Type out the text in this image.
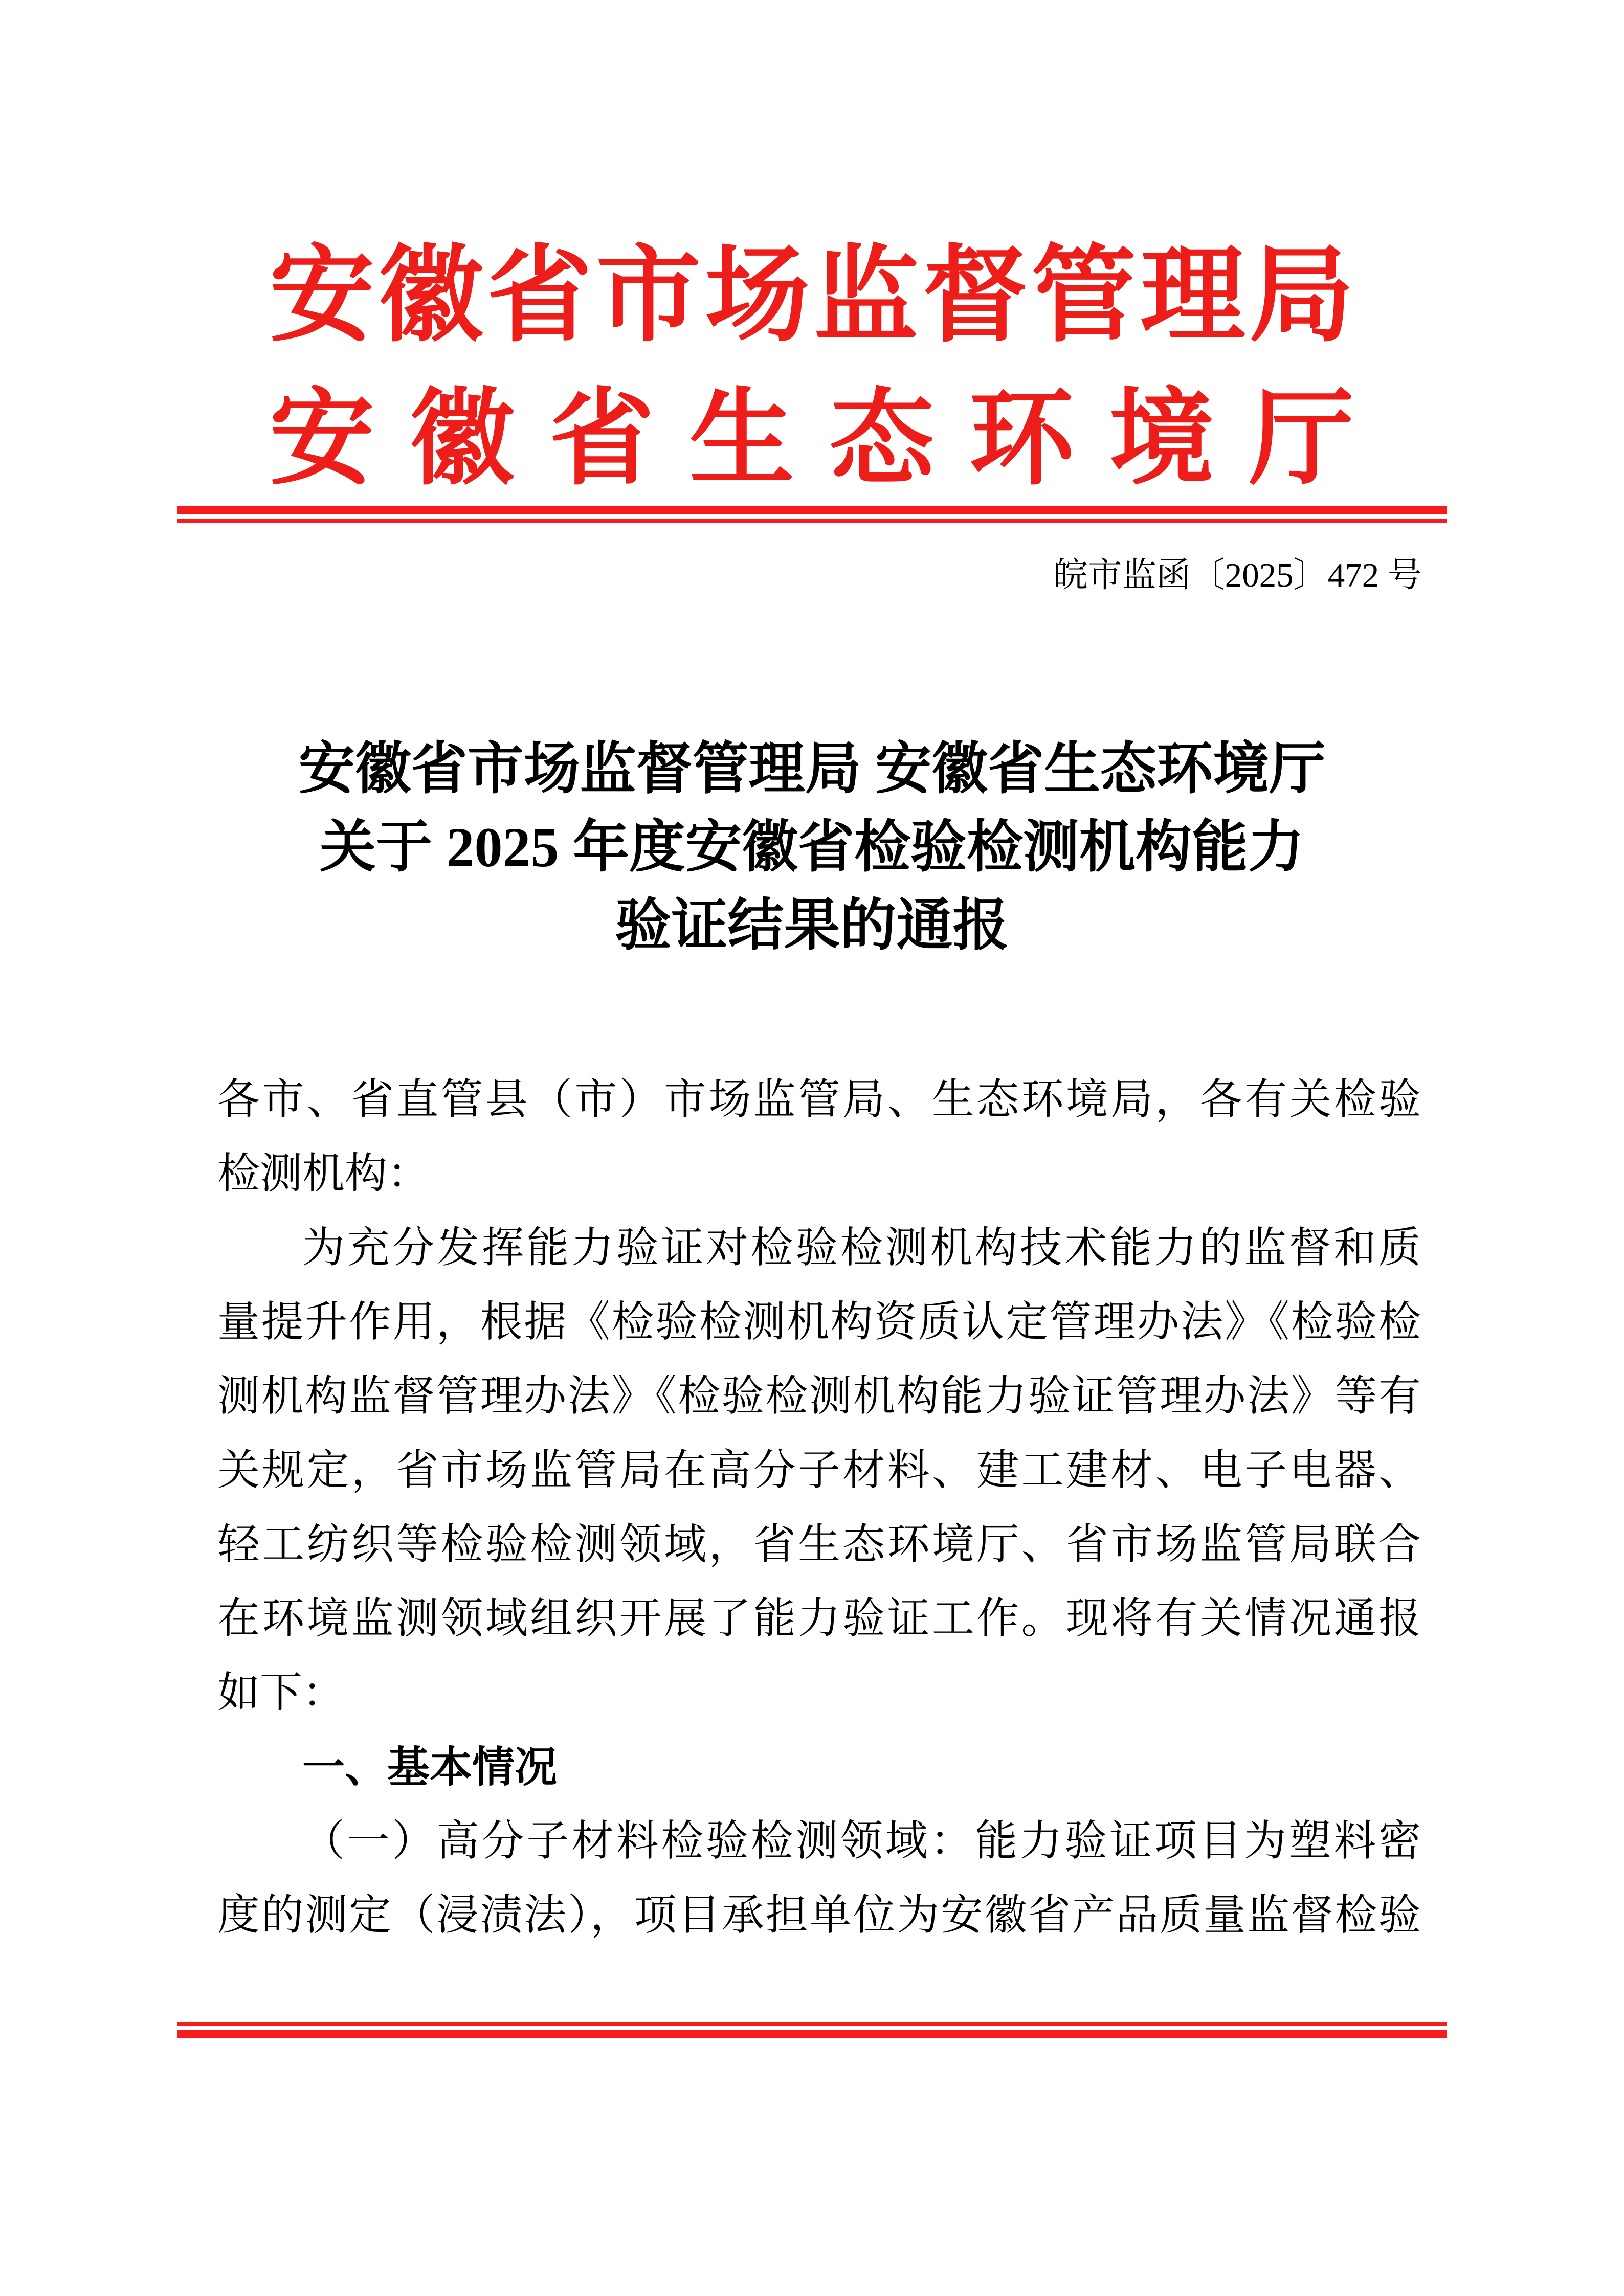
安徽省市场监督管理局
安徽省生态环境厅
皖市监函〔2025〕472 号
安徽省市场监督管理局 安徽省生态环境厅
关于 2025 年度安徽省检验检测机构能力
验证结果的通报
各市、省直管县（市）市场监管局、生态环境局，各有关检验
检测机构：
为充分发挥能力验证对检验检测机构技术能力的监督和质
量提升作用，根据《检验检测机构资质认定管理办法》《检验检
测机构监督管理办法》《检验检测机构能力验证管理办法》等有
关规定，省市场监管局在高分子材料、建工建材、电子电器、
轻工纺织等检验检测领域，省生态环境厅、省市场监管局联合
在环境监测领域组织开展了能力验证工作。现将有关情况通报
如下：
一、基本情况
（一）高分子材料检验检测领域：能力验证项目为塑料密
度的测定（浸渍法），项目承担单位为安徽省产品质量监督检验
